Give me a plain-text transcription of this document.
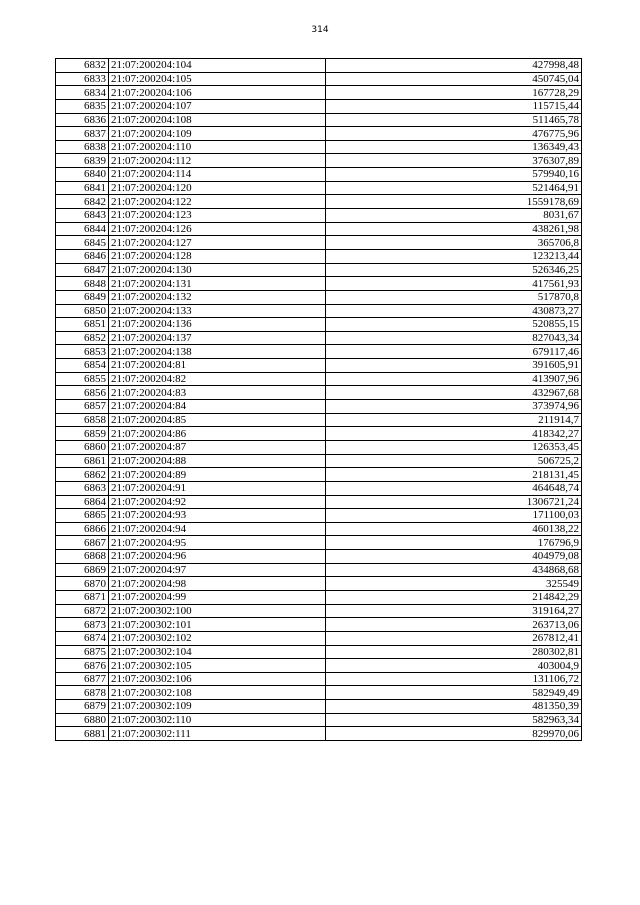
314
6832	21:07:200204:104	427998,48
6833	21:07:200204:105	450745,04
6834	21:07:200204:106	167728,29
6835	21:07:200204:107	115715,44
6836	21:07:200204:108	511465,78
6837	21:07:200204:109	476775,96
6838	21:07:200204:110	136349,43
6839	21:07:200204:112	376307,89
6840	21:07:200204:114	579940,16
6841	21:07:200204:120	521464,91
6842	21:07:200204:122	1559178,69
6843	21:07:200204:123	8031,67
6844	21:07:200204:126	438261,98
6845	21:07:200204:127	365706,8
6846	21:07:200204:128	123213,44
6847	21:07:200204:130	526346,25
6848	21:07:200204:131	417561,93
6849	21:07:200204:132	517870,8
6850	21:07:200204:133	430873,27
6851	21:07:200204:136	520855,15
6852	21:07:200204:137	827043,34
6853	21:07:200204:138	679117,46
6854	21:07:200204:81	391605,91
6855	21:07:200204:82	413907,96
6856	21:07:200204:83	432967,68
6857	21:07:200204:84	373974,96
6858	21:07:200204:85	211914,7
6859	21:07:200204:86	418342,27
6860	21:07:200204:87	126353,45
6861	21:07:200204:88	506725,2
6862	21:07:200204:89	218131,45
6863	21:07:200204:91	464648,74
6864	21:07:200204:92	1306721,24
6865	21:07:200204:93	171100,03
6866	21:07:200204:94	460138,22
6867	21:07:200204:95	176796,9
6868	21:07:200204:96	404979,08
6869	21:07:200204:97	434868,68
6870	21:07:200204:98	325549
6871	21:07:200204:99	214842,29
6872	21:07:200302:100	319164,27
6873	21:07:200302:101	263713,06
6874	21:07:200302:102	267812,41
6875	21:07:200302:104	280302,81
6876	21:07:200302:105	403004,9
6877	21:07:200302:106	131106,72
6878	21:07:200302:108	582949,49
6879	21:07:200302:109	481350,39
6880	21:07:200302:110	582963,34
6881	21:07:200302:111	829970,06
